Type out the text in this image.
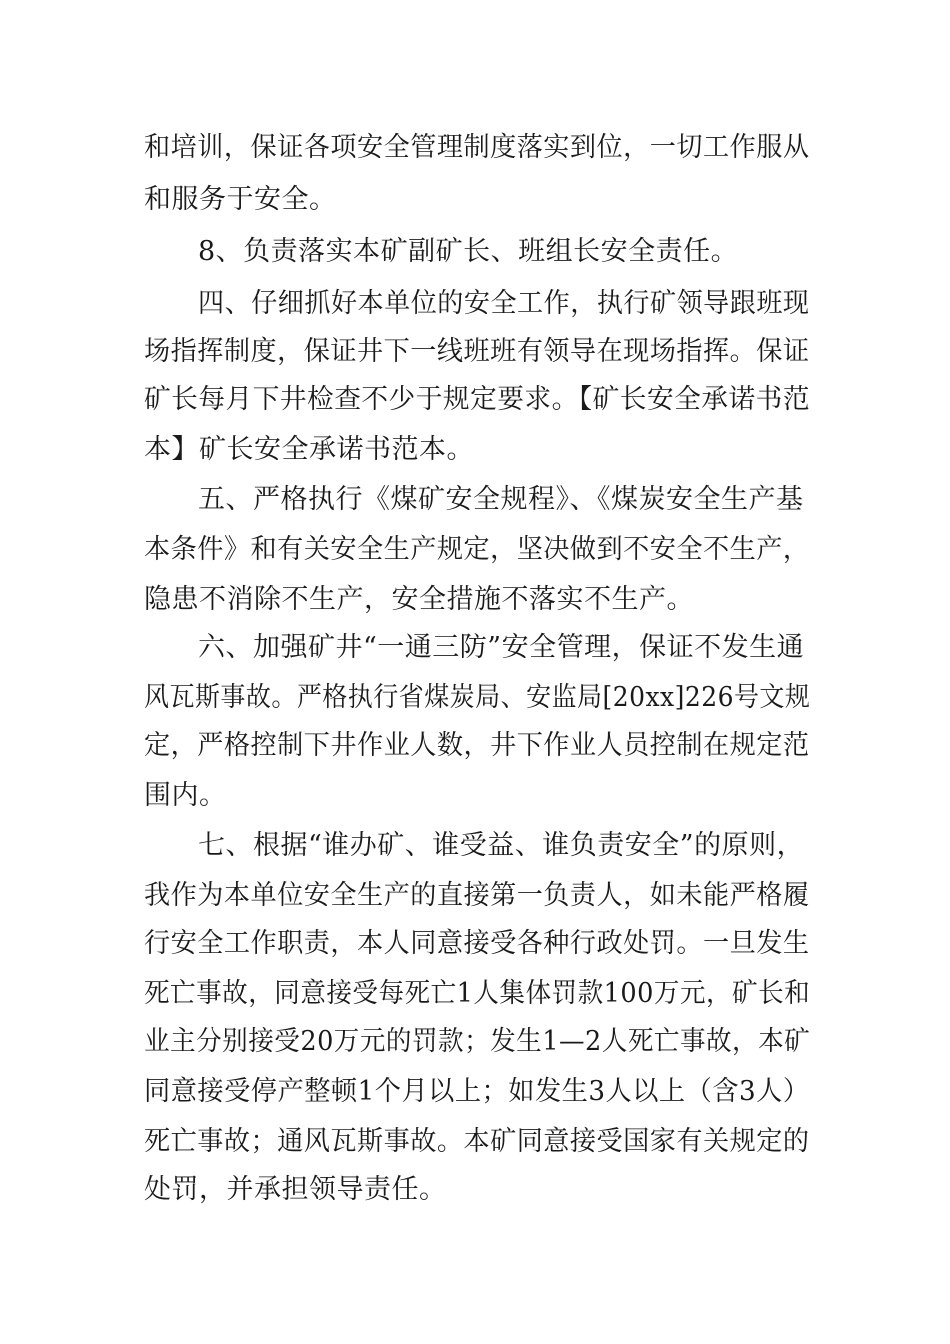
和培训，保证各项安全管理制度落实到位，一切工作服从
和服务于安全。
8、负责落实本矿副矿长、班组长安全责任。
四、仔细抓好本单位的安全工作，执行矿领导跟班现
场指挥制度，保证井下一线班班有领导在现场指挥。保证
矿长每月下井检查不少于规定要求。【矿长安全承诺书范
本】矿长安全承诺书范本。
五、严格执行《煤矿安全规程》、《煤炭安全生产基
本条件》和有关安全生产规定，坚决做到不安全不生产，
隐患不消除不生产，安全措施不落实不生产。
六、加强矿井“一通三防”安全管理，保证不发生通
风瓦斯事故。严格执行省煤炭局、安监局[20xx]226号文规
定，严格控制下井作业人数，井下作业人员控制在规定范
围内。
七、根据“谁办矿、谁受益、谁负责安全”的原则，
我作为本单位安全生产的直接第一负责人，如未能严格履
行安全工作职责，本人同意接受各种行政处罚。一旦发生
死亡事故，同意接受每死亡1人集体罚款100万元，矿长和
业主分别接受20万元的罚款；发生1—2人死亡事故，本矿
同意接受停产整顿1个月以上；如发生3人以上（含3人）
死亡事故；通风瓦斯事故。本矿同意接受国家有关规定的
处罚，并承担领导责任。
